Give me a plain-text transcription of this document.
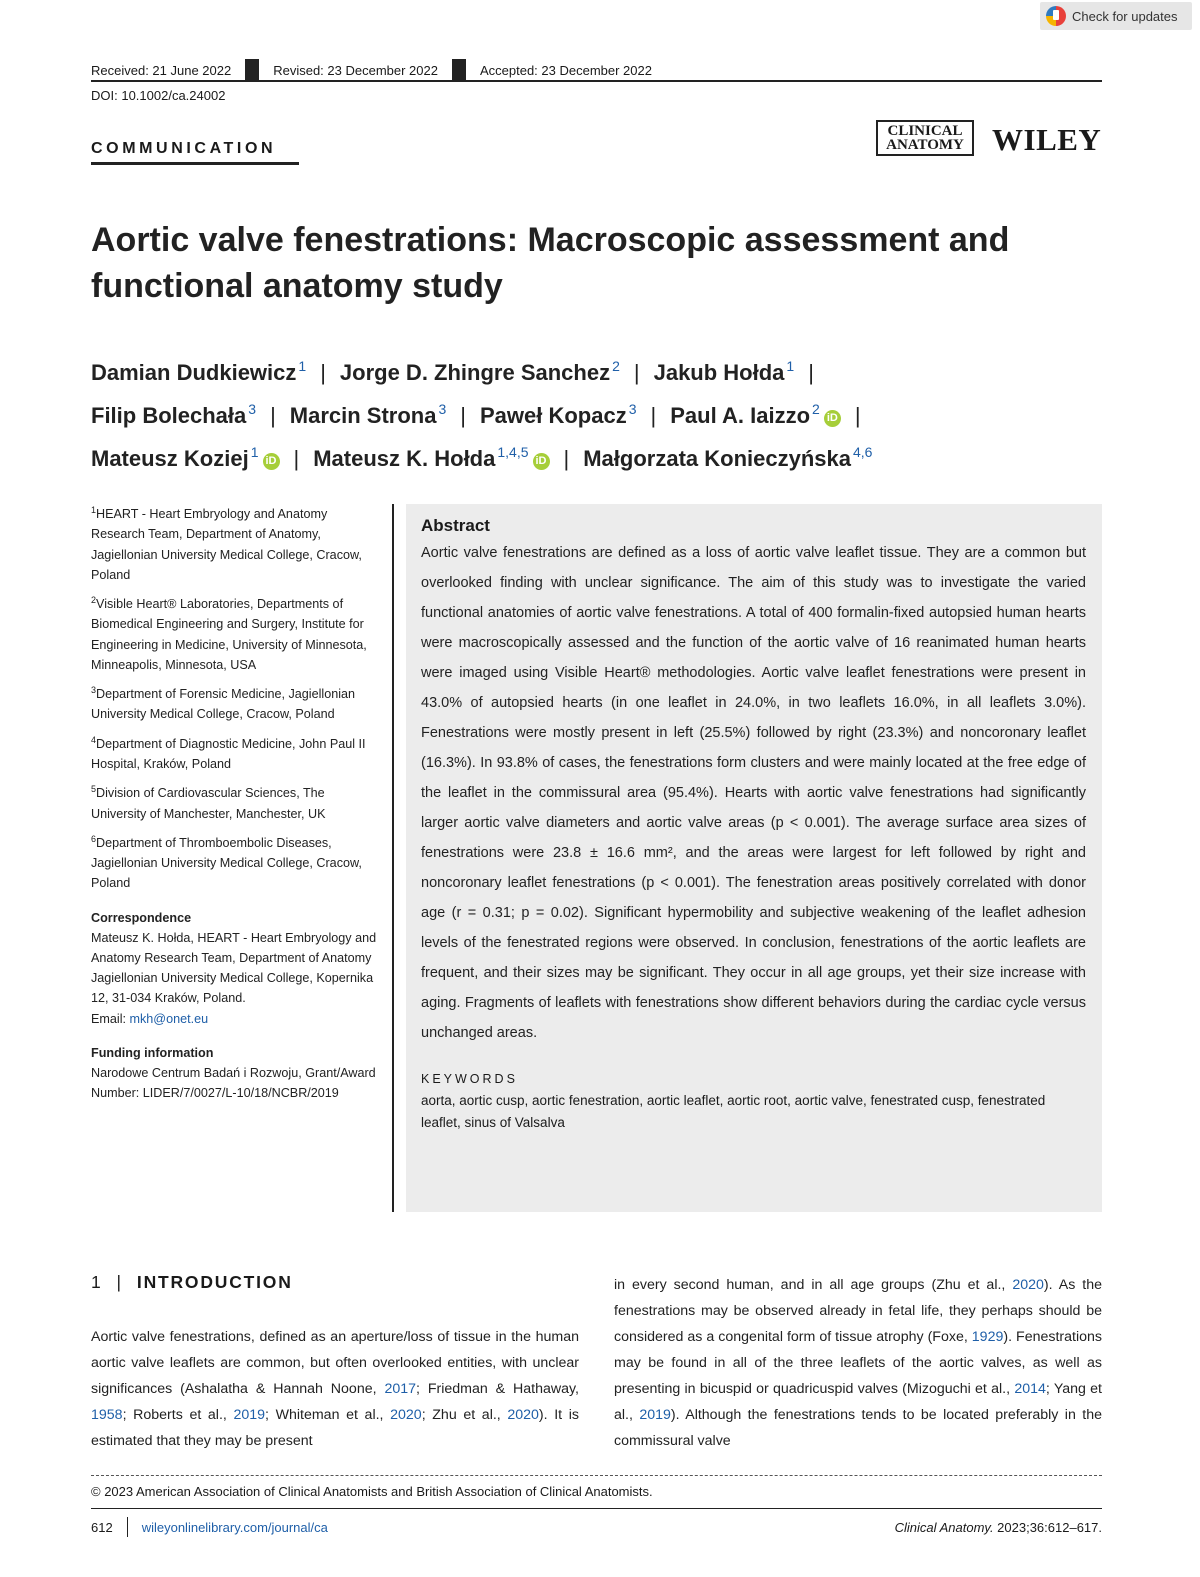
Check for updates
Received: 21 June 2022	Revised: 23 December 2022	Accepted: 23 December 2022
DOI: 10.1002/ca.24002
COMMUNICATION
CLINICAL ANATOMY WILEY
Aortic valve fenestrations: Macroscopic assessment and functional anatomy study
Damian Dudkiewicz $^1$ | Jorge D. Zhingre Sanchez $^2$ | Jakub Hołda $^1$ |
Filip Bolechała $^3$ | Marcin Strona $^3$ | Paweł Kopacz $^3$ | Paul A. Iaizzo $^2$iD |
Mateusz Koziej $^1$iD | Mateusz K. Hołda $^{1,4,5}$iD | Małgorzata Konieczyńska $^{4,6}$
$^1$HEART - Heart Embryology and Anatomy Research Team, Department of Anatomy, Jagiellonian University Medical College, Cracow, Poland
$^2$Visible Heart® Laboratories, Departments of Biomedical Engineering and Surgery, Institute for Engineering in Medicine, University of Minnesota, Minneapolis, Minnesota, USA
$^3$Department of Forensic Medicine, Jagiellonian University Medical College, Cracow, Poland
$^4$Department of Diagnostic Medicine, John Paul II Hospital, Kraków, Poland
$^5$Division of Cardiovascular Sciences, The University of Manchester, Manchester, UK
$^6$Department of Thromboembolic Diseases, Jagiellonian University Medical College, Cracow, Poland
Correspondence
Mateusz K. Hołda, HEART - Heart Embryology and Anatomy Research Team, Department of Anatomy Jagiellonian University Medical College, Kopernika 12, 31-034 Kraków, Poland.
Email: mkh@onet.eu
Funding information
Narodowe Centrum Badań i Rozwoju, Grant/Award Number: LIDER/7/0027/L-10/18/NCBR/2019
Abstract

Aortic valve fenestrations are defined as a loss of aortic valve leaflet tissue. They are a common but overlooked finding with unclear significance. The aim of this study was to investigate the varied functional anatomies of aortic valve fenestrations. A total of 400 formalin-fixed autopsied human hearts were macroscopically assessed and the function of the aortic valve of 16 reanimated human hearts were imaged using Visible Heart® methodologies. Aortic valve leaflet fenestrations were present in 43.0% of autopsied hearts (in one leaflet in 24.0%, in two leaflets 16.0%, in all leaflets 3.0%). Fenestrations were mostly present in left (25.5%) followed by right (23.3%) and noncoronary leaflet (16.3%). In 93.8% of cases, the fenestrations form clusters and were mainly located at the free edge of the leaflet in the commissural area (95.4%). Hearts with aortic valve fenestrations had significantly larger aortic valve diameters and aortic valve areas (p < 0.001). The average surface area sizes of fenestrations were 23.8 ± 16.6 mm², and the areas were largest for left followed by right and noncoronary leaflet fenestrations (p < 0.001). The fenestration areas positively correlated with donor age (r = 0.31; p = 0.02). Significant hypermobility and subjective weakening of the leaflet adhesion levels of the fenestrated regions were observed. In conclusion, fenestrations of the aortic leaflets are frequent, and their sizes may be significant. They occur in all age groups, yet their size increase with aging. Fragments of leaflets with fenestrations show different behaviors during the cardiac cycle versus unchanged areas.

KEYWORDS
aorta, aortic cusp, aortic fenestration, aortic leaflet, aortic root, aortic valve, fenestrated cusp, fenestrated leaflet, sinus of Valsalva
1 | INTRODUCTION
Aortic valve fenestrations, defined as an aperture/loss of tissue in the human aortic valve leaflets are common, but often overlooked entities, with unclear significances (Ashalatha & Hannah Noone, 2017; Friedman & Hathaway, 1958; Roberts et al., 2019; Whiteman et al., 2020; Zhu et al., 2020). It is estimated that they may be present
in every second human, and in all age groups (Zhu et al., 2020). As the fenestrations may be observed already in fetal life, they perhaps should be considered as a congenital form of tissue atrophy (Foxe, 1929). Fenestrations may be found in all of the three leaflets of the aortic valves, as well as presenting in bicuspid or quadricuspid valves (Mizoguchi et al., 2014; Yang et al., 2019). Although the fenestrations tends to be located preferably in the commissural valve
© 2023 American Association of Clinical Anatomists and British Association of Clinical Anatomists.
612	wileyonlinelibrary.com/journal/ca	Clinical Anatomy. 2023;36:612–617.
